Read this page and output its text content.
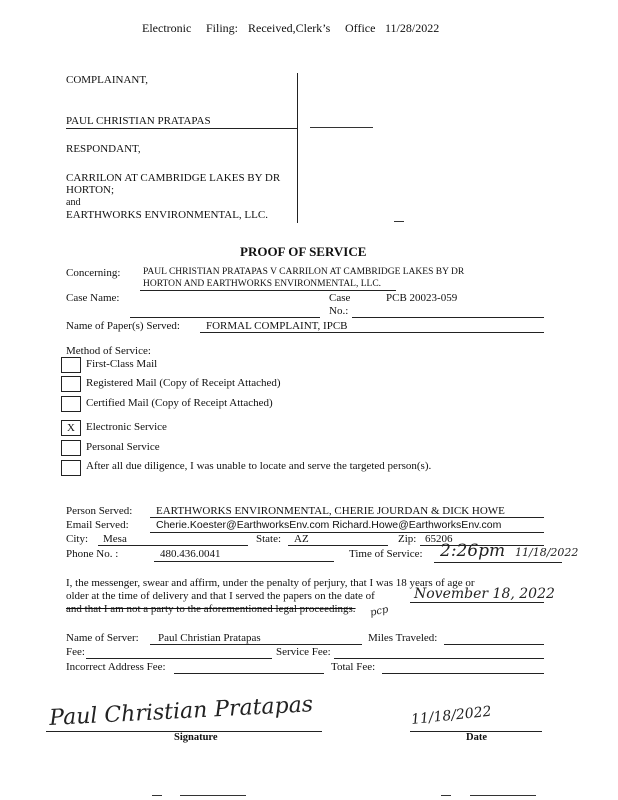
Electronic Filing: Received,Clerk’s Office 11/28/2022
COMPLAINANT,
PAUL CHRISTIAN PRATAPAS
RESPONDANT,
CARRILON AT CAMBRIDGE LAKES BY DR
HORTON;
and
EARTHWORKS ENVIRONMENTAL, LLC.
PROOF OF SERVICE
Concerning: PAUL CHRISTIAN PRATAPAS V CARRILON AT CAMBRIDGE LAKES BY DR
HORTON AND EARTHWORKS ENVIRONMENTAL, LLC.
Case Name:	Case
No.:
PCB 20023-059
Name of Paper(s) Served: FORMAL COMPLAINT, IPCB
Method of Service:
First-Class Mail
Registered Mail (Copy of Receipt Attached)
Certified Mail (Copy of Receipt Attached)
X	Electronic Service
Personal Service
After all due diligence, I was unable to locate and serve the targeted person(s).
Person Served: EARTHWORKS ENVIRONMENTAL, CHERIE JOURDAN & DICK HOWE
Email Served:	Cherie.Koester@EarthworksEnv.com Richard.Howe@EarthworksEnv.com
City: Mesa	State: AZ	Zip: 65206
Phone No. :	480.436.0041	Time of Service: 2:26pm 11/18/2022
I, the messenger, swear and affirm, under the penalty of perjury, that I was 18 years of age or
older at the time of delivery and that I served the papers on the date of	November 18, 2022
and that I am not a party to the aforementioned legal proceedings. pcp
Name of Server: Paul Christian Pratapas	Miles Traveled:
Fee:	Service Fee:
Incorrect Address Fee:	Total Fee:
Paul Christian Pratapas
Signature
11/18/2022
Date
